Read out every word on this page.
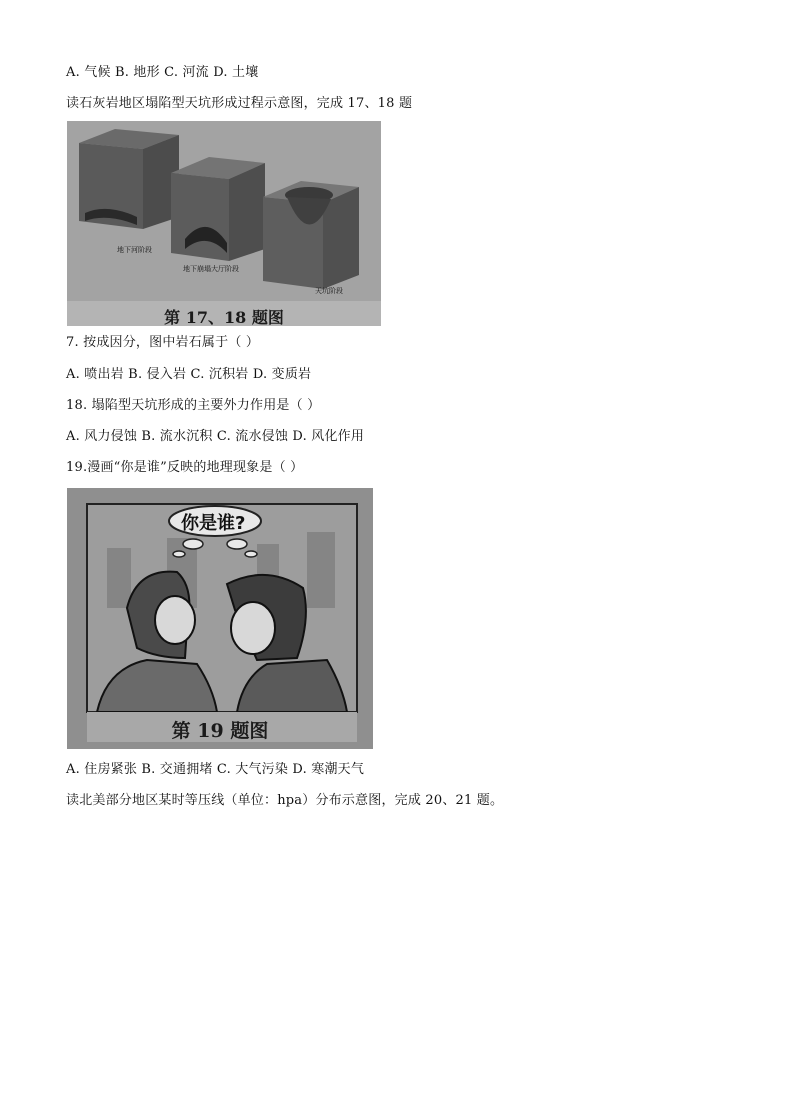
A. 气候 B. 地形 C. 河流 D. 土壤
读石灰岩地区塌陷型天坑形成过程示意图，完成 17、18 题
地下河阶段
地下崩塌大厅阶段
天坑阶段
第 17、18 题图
7. 按成因分，图中岩石属于（ ）
A. 喷出岩 B. 侵入岩 C. 沉积岩 D. 变质岩
18. 塌陷型天坑形成的主要外力作用是（ ）
A. 风力侵蚀 B. 流水沉积 C. 流水侵蚀 D. 风化作用
19.漫画“你是谁”反映的地理现象是（ ）
你是谁?
第 19 题图
A. 住房紧张 B. 交通拥堵 C. 大气污染 D. 寒潮天气
读北美部分地区某时等压线（单位：hpa）分布示意图，完成 20、21 题。
